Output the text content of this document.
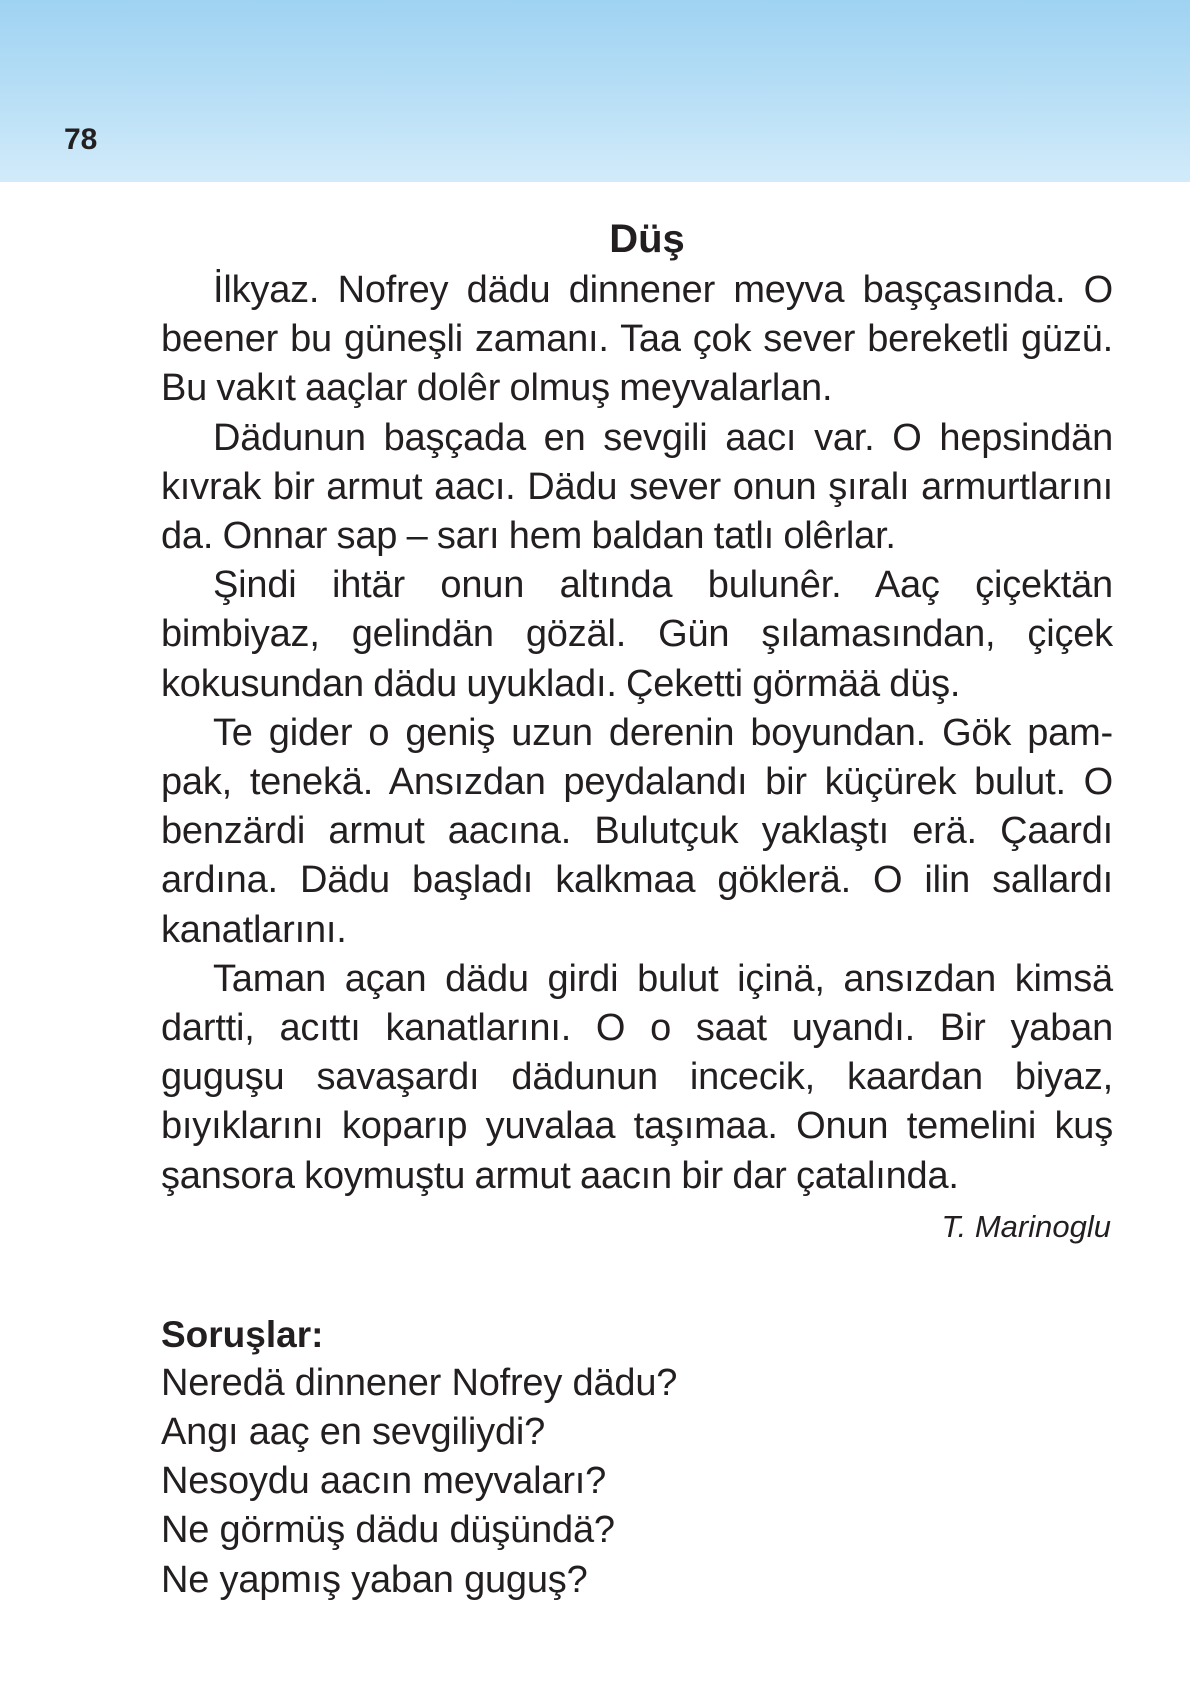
78
Düş

İlkyaz. Nofrey dädu dinnener meyva başçasında. O beener bu güneşli zamanı. Taa çok sever bereketli güzü. Bu vakıt aaçlar dolêr olmuş meyvalarlan.

Dädunun başçada en sevgili aacı var. O hepsindän kıvrak bir armut aacı. Dädu sever onun şıralı armurtlarını da. Onnar sap – sarı hem baldan tatlı olêrlar.

Şindi ihtär onun altında bulunêr. Aaç çiçektän bimbiyaz, gelindän gözäl. Gün şılamasından, çiçek kokusundan dädu uyukladı. Çeketti görmää düş.

Te gider o geniş uzun derenin boyundan. Gök pam-pak, tenekä. Ansızdan peydalandı bir küçürek bulut. O benzärdi armut aacına. Bulutçuk yaklaştı erä. Çaardı ardına. Dädu başladı kalkmaa göklerä. O ilin sallardı kanatlarını.

Taman açan dädu girdi bulut içinä, ansızdan kimsä dartti, acıttı kanatlarını. O o saat uyandı. Bir yaban guguşu savaşardı dädunun incecik, kaardan biyaz, bıyıklarını koparıp yuvalaa taşımaa. Onun temelini kuş şansora koymuştu armut aacın bir dar çatalında.

T. Marinoglu
Soruşlar:
Neredä dinnener Nofrey dädu?
Angı aaç en sevgiliydi?
Nesoydu aacın meyvaları?
Ne görmüş dädu düşündä?
Ne yapmış yaban guguş?
